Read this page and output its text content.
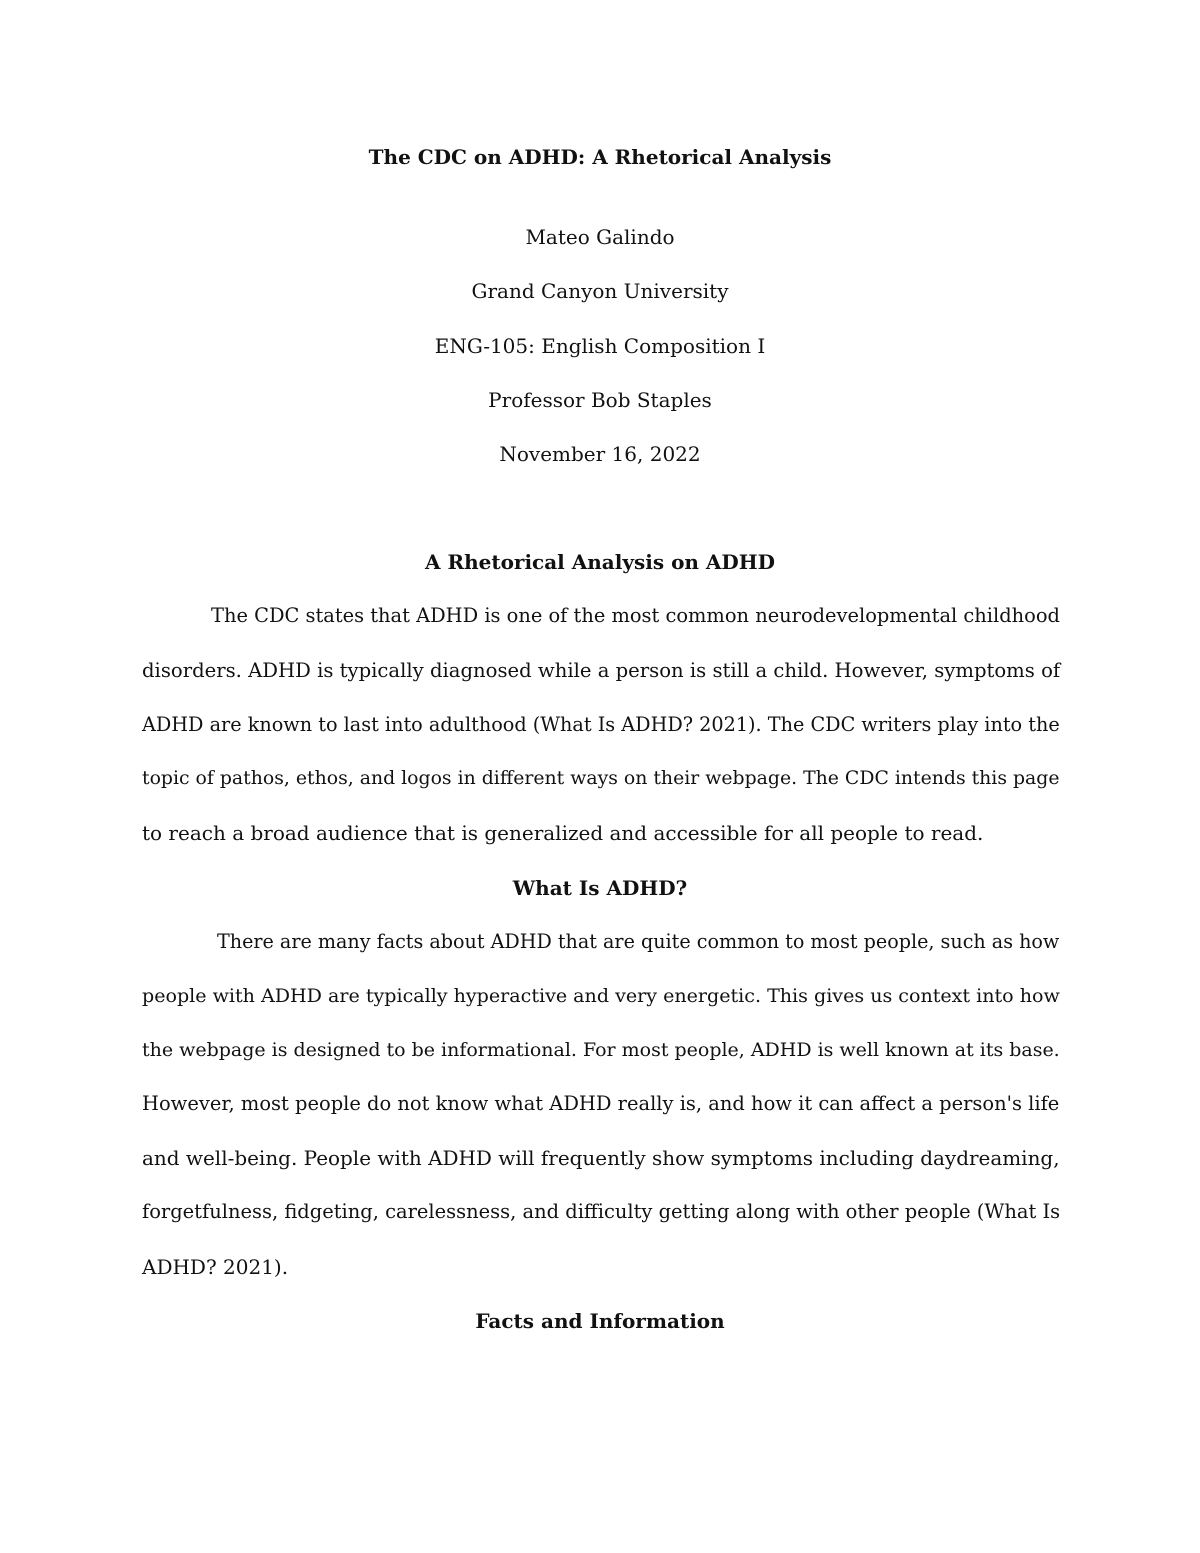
The CDC on ADHD: A Rhetorical Analysis
Mateo Galindo
Grand Canyon University
ENG-105: English Composition I
Professor Bob Staples
November 16, 2022
A Rhetorical Analysis on ADHD
The CDC states that ADHD is one of the most common neurodevelopmental childhood
disorders. ADHD is typically diagnosed while a person is still a child. However, symptoms of
ADHD are known to last into adulthood (What Is ADHD? 2021). The CDC writers play into the
topic of pathos, ethos, and logos in different ways on their webpage. The CDC intends this page
to reach a broad audience that is generalized and accessible for all people to read.
What Is ADHD?
There are many facts about ADHD that are quite common to most people, such as how
people with ADHD are typically hyperactive and very energetic. This gives us context into how
the webpage is designed to be informational. For most people, ADHD is well known at its base.
However, most people do not know what ADHD really is, and how it can affect a person's life
and well-being. People with ADHD will frequently show symptoms including daydreaming,
forgetfulness, fidgeting, carelessness, and difficulty getting along with other people (What Is
ADHD? 2021).
Facts and Information
